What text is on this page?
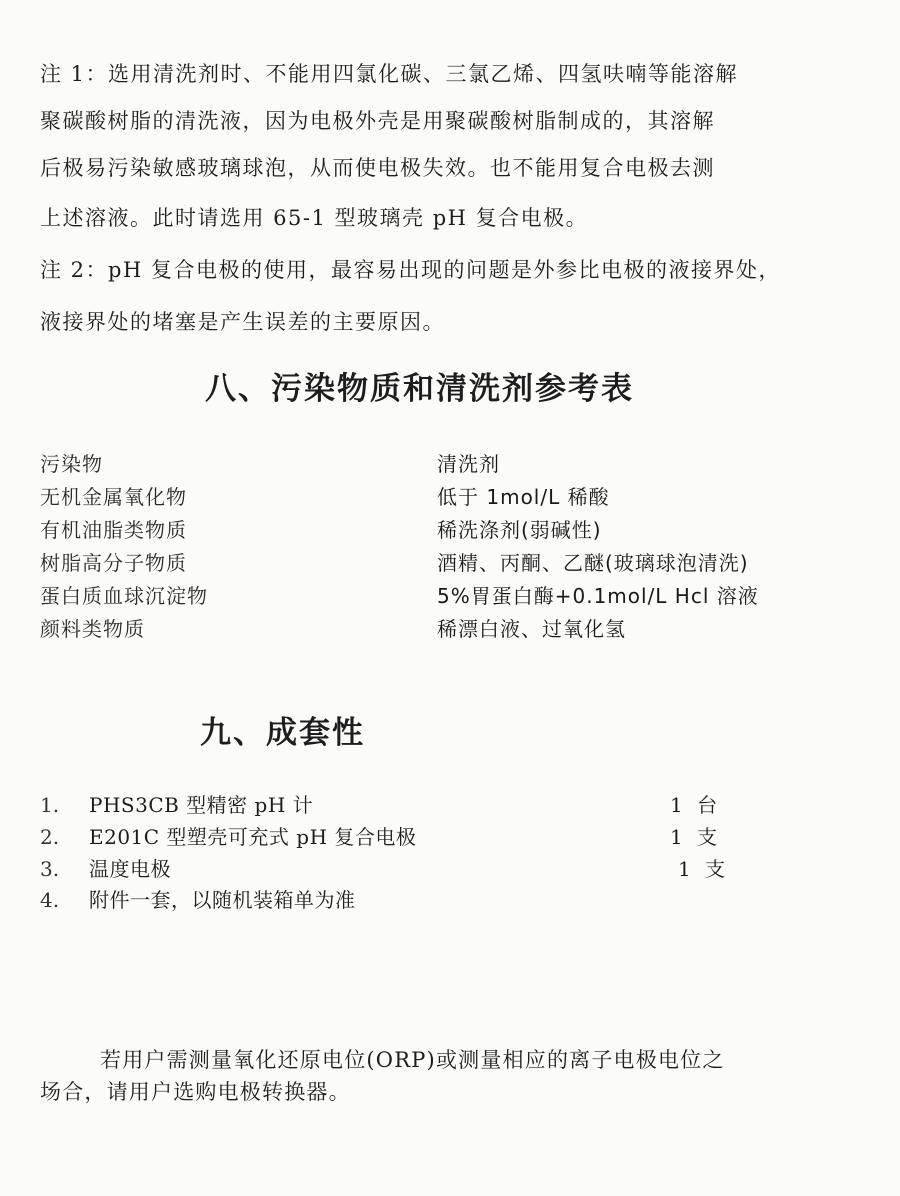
注 1：选用清洗剂时、不能用四氯化碳、三氯乙烯、四氢呋喃等能溶解
聚碳酸树脂的清洗液，因为电极外壳是用聚碳酸树脂制成的，其溶解
后极易污染敏感玻璃球泡，从而使电极失效。也不能用复合电极去测
上述溶液。此时请选用 65-1 型玻璃壳 pH 复合电极。
注 2：pH 复合电极的使用，最容易出现的问题是外参比电极的液接界处，
液接界处的堵塞是产生误差的主要原因。
八、污染物质和清洗剂参考表
污染物	清洗剂
无机金属氧化物	低于 1mol/L 稀酸
有机油脂类物质	稀洗涤剂(弱碱性)
树脂高分子物质	酒精、丙酮、乙醚(玻璃球泡清洗)
蛋白质血球沉淀物	5%胃蛋白酶+0.1mol/L Hcl 溶液
颜料类物质	稀漂白液、过氧化氢
九、成套性
1. PHS3CB 型精密 pH 计	1 台
2. E201C 型塑壳可充式 pH 复合电极	1 支
3. 温度电极	1 支
4. 附件一套，以随机装箱单为准
若用户需测量氧化还原电位(ORP)或测量相应的离子电极电位之
场合，请用户选购电极转换器。
